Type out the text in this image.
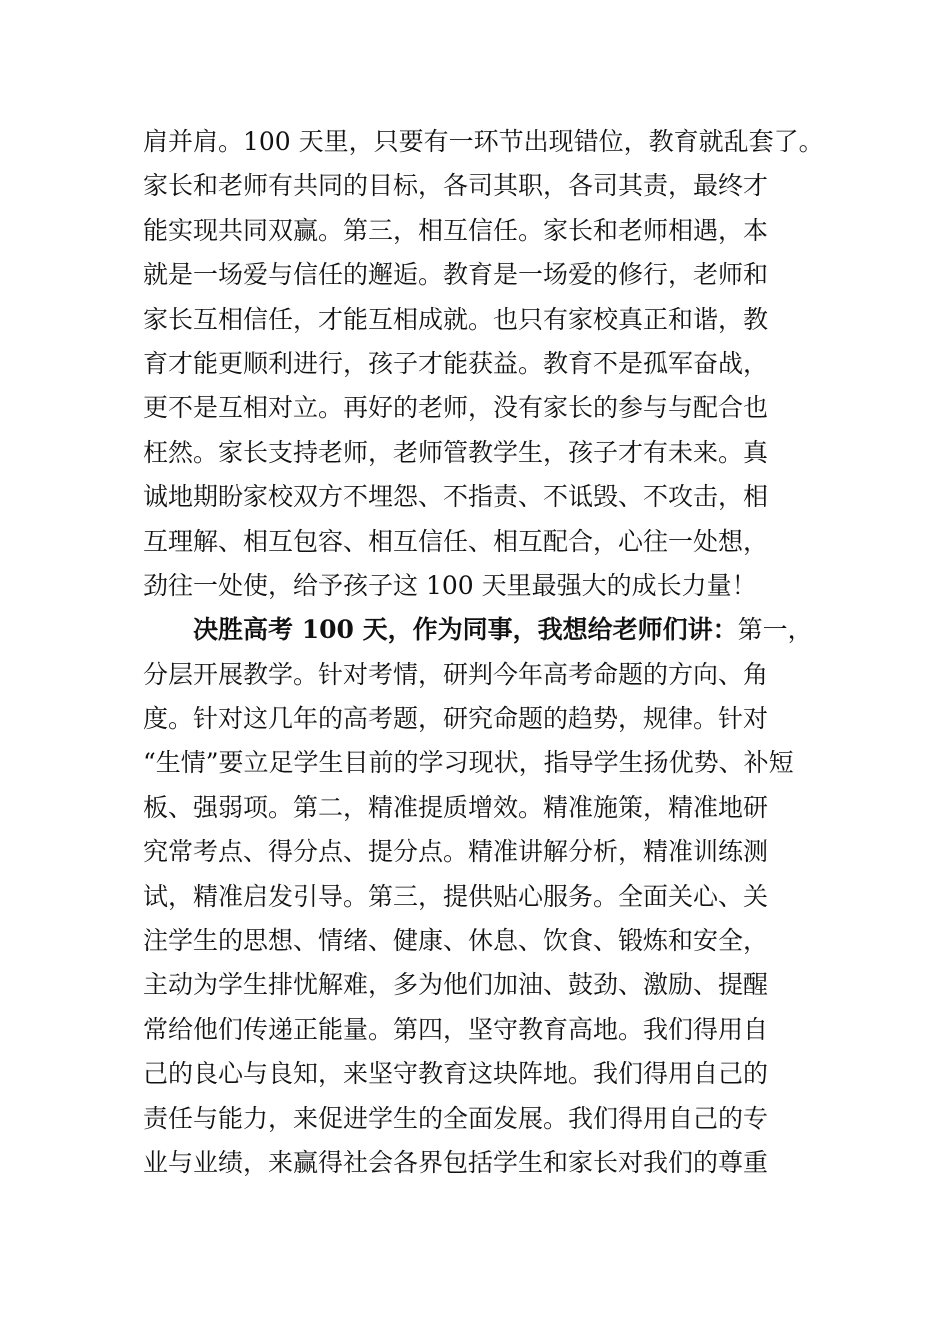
肩并肩。100 天里，只要有一环节出现错位，教育就乱套了。
家长和老师有共同的目标，各司其职，各司其责，最终才
能实现共同双赢。第三，相互信任。家长和老师相遇，本
就是一场爱与信任的邂逅。教育是一场爱的修行，老师和
家长互相信任，才能互相成就。也只有家校真正和谐，教
育才能更顺利进行，孩子才能获益。教育不是孤军奋战，
更不是互相对立。再好的老师，没有家长的参与与配合也
枉然。家长支持老师，老师管教学生，孩子才有未来。真
诚地期盼家校双方不埋怨、不指责、不诋毁、不攻击，相
互理解、相互包容、相互信任、相互配合，心往一处想，
劲往一处使，给予孩子这 100 天里最强大的成长力量！
决胜高考 100 天，作为同事，我想给老师们讲：第一，
分层开展教学。针对考情，研判今年高考命题的方向、角
度。针对这几年的高考题，研究命题的趋势，规律。针对
“生情”要立足学生目前的学习现状，指导学生扬优势、补短
板、强弱项。第二，精准提质增效。精准施策，精准地研
究常考点、得分点、提分点。精准讲解分析，精准训练测
试，精准启发引导。第三，提供贴心服务。全面关心、关
注学生的思想、情绪、健康、休息、饮食、锻炼和安全，
主动为学生排忧解难，多为他们加油、鼓劲、激励、提醒
常给他们传递正能量。第四，坚守教育高地。我们得用自
己的良心与良知，来坚守教育这块阵地。我们得用自己的
责任与能力，来促进学生的全面发展。我们得用自己的专
业与业绩，来赢得社会各界包括学生和家长对我们的尊重
